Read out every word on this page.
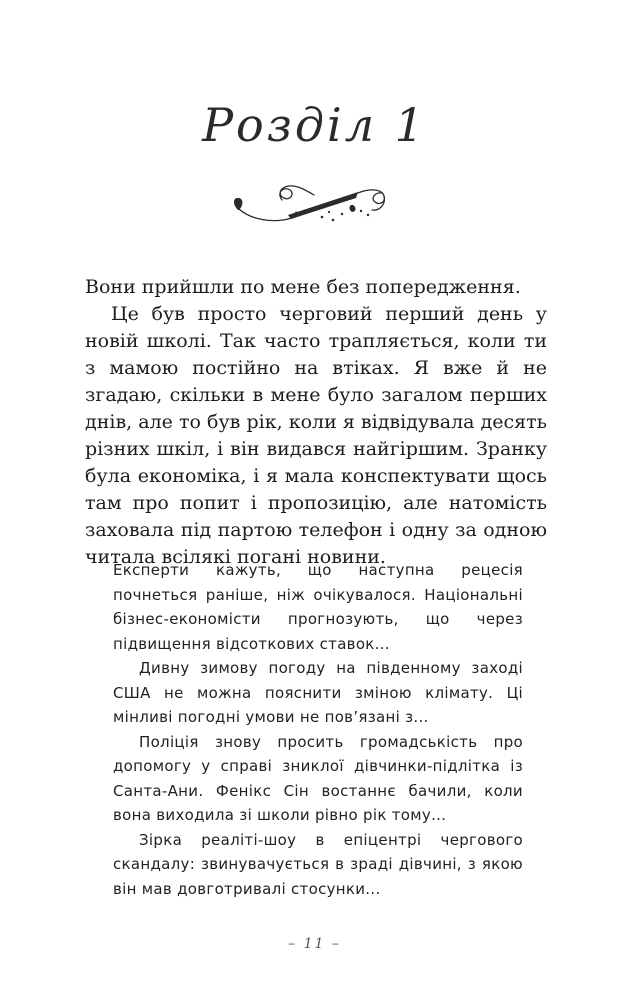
Розділ 1

Вони прийшли по мене без попередження.

Це був просто черговий перший день у новій школі. Так часто трапляється, коли ти з мамою постійно на втіках. Я вже й не згадаю, скільки в мене було загалом перших днів, але то був рік, коли я відвідувала десять різних шкіл, і він видався найгіршим. Зранку була економіка, і я мала конспектувати щось там про попит і пропозицію, але натомість заховала під партою телефон і одну за одною читала всілякі погані новини.

Експерти кажуть, що наступна рецесія почнеться раніше, ніж очікувалося. Національні бізнес-економісти прогнозують, що через підвищення відсоткових ставок...

Дивну зимову погоду на південному заході США не можна пояснити зміною клімату. Ці мінливі погодні умови не пов’язані з...

Поліція знову просить громадськість про допомогу у справі зниклої дівчинки-підлітка із Санта-Ани. Фенікс Сін востаннє бачили, коли вона виходила зі школи рівно рік тому...

Зірка реаліті-шоу в епіцентрі чергового скандалу: звинувачується в зраді дівчині, з якою він мав довготривалі стосунки...

– 11 –
